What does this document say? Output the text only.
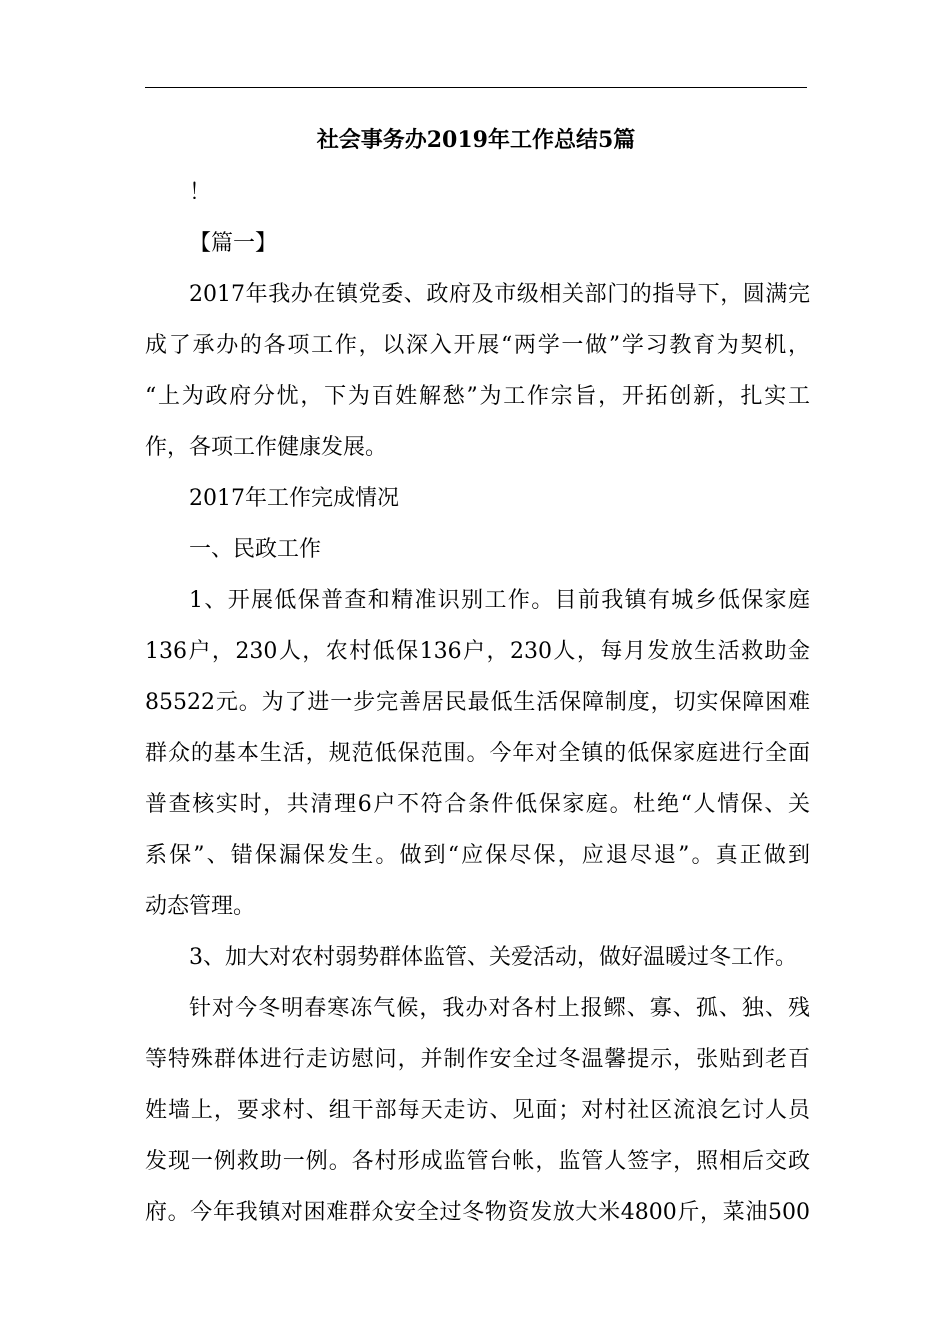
社会事务办2019年工作总结5篇

！

【篇一】

2017年我办在镇党委、政府及市级相关部门的指导下，圆满完

成了承办的各项工作，以深入开展“两学一做”学习教育为契机，

“上为政府分忧，下为百姓解愁”为工作宗旨，开拓创新，扎实工

作，各项工作健康发展。

2017年工作完成情况

一、民政工作

1、开展低保普查和精准识别工作。目前我镇有城乡低保家庭

136户，230人，农村低保136户，230人，每月发放生活救助金

85522元。为了进一步完善居民最低生活保障制度，切实保障困难

群众的基本生活，规范低保范围。今年对全镇的低保家庭进行全面

普查核实时，共清理6户不符合条件低保家庭。杜绝“人情保、关

系保”、错保漏保发生。做到“应保尽保，应退尽退”。真正做到

动态管理。

3、加大对农村弱势群体监管、关爱活动，做好温暖过冬工作。

针对今冬明春寒冻气候，我办对各村上报鳏、寡、孤、独、残

等特殊群体进行走访慰问，并制作安全过冬温馨提示，张贴到老百

姓墙上，要求村、组干部每天走访、见面；对村社区流浪乞讨人员

发现一例救助一例。各村形成监管台帐，监管人签字，照相后交政

府。今年我镇对困难群众安全过冬物资发放大米4800斤，菜油500
